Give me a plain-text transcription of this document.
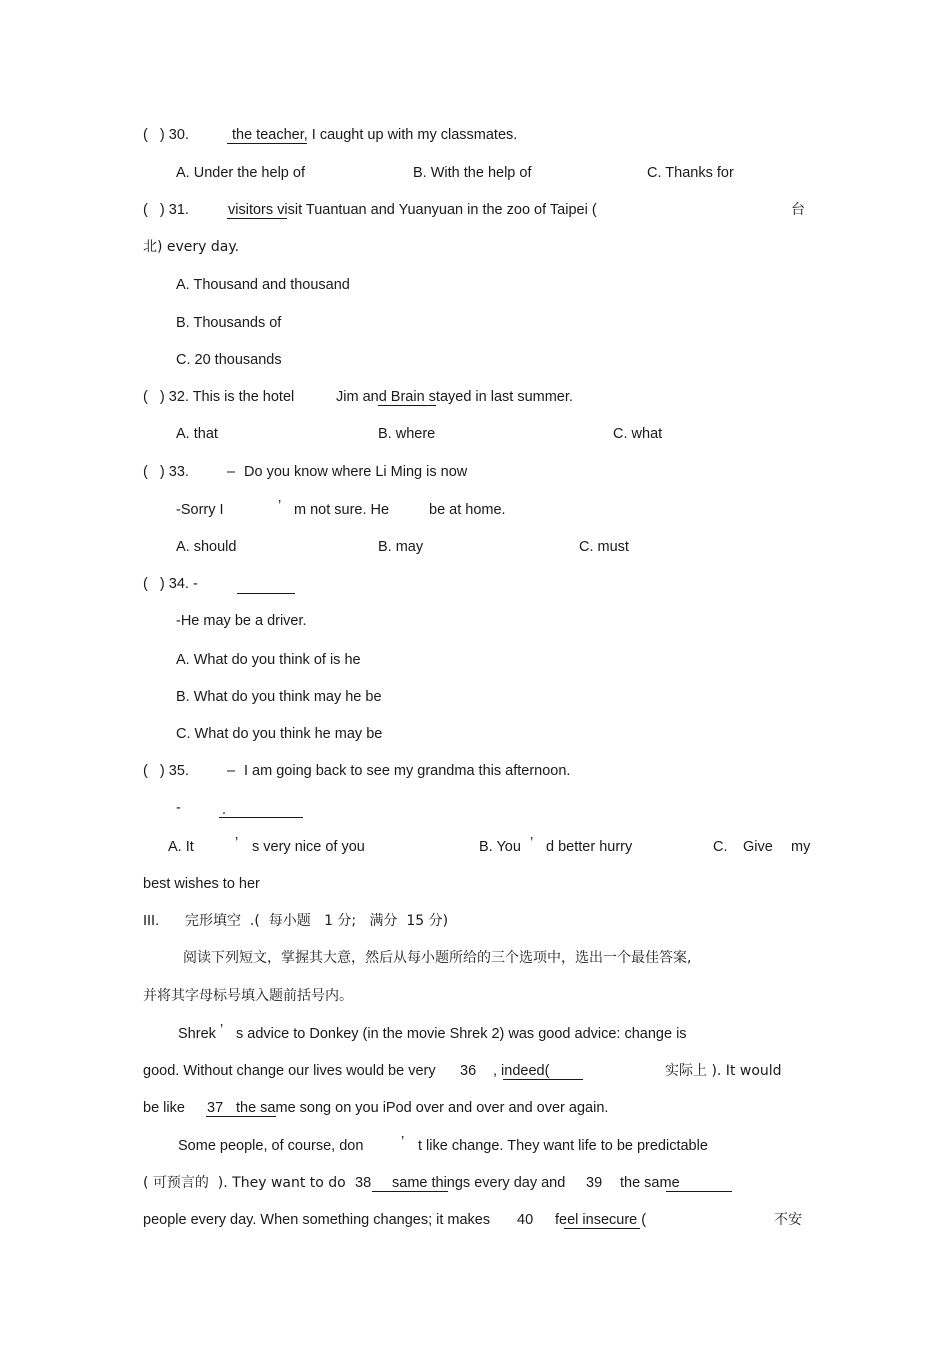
(   ) 30.	the teacher, I caught up with my classmates.
A. Under the help of	B. With the help of	C. Thanks for
(   ) 31.	visitors visit Tuantuan and Yuanyuan in the zoo of Taipei (	台
北) every day.
A. Thousand and thousand
B. Thousands of
C. 20 thousands
(   ) 32. This is the hotel	Jim and Brain stayed in last summer.
A. that	B. where	C. what
(   ) 33.	– Do you know where Li Ming is now
-Sorry I	’ m not sure. He	be at home.
A. should	B. may	C. must
(   ) 34. -
-He may be a driver.
A. What do you think of is he
B. What do you think may he be
C. What do you think he may be
(   ) 35.	– I am going back to see my grandma this afternoon.
-	.
A. It	’ s very nice of you	B. You ’ d better hurry	C. Give my
best wishes to her
III. 完形填空  .(  每小题   1 分;   满分  15 分)
阅读下列短文，掌握其大意，然后从每小题所给的三个选项中，选出一个最佳答案,
并将其字母标号填入题前括号内。
Shrek ’ s advice to Donkey (in the movie Shrek 2) was good advice: change is
good. Without change our lives would be very 36 , indeed(	实际上 ). It would
be like 37 the same song on you iPod over and over and over again.
Some people, of course, don	’ t like change. They want life to be predictable
( 可预言的  ). They want to do 38 same things every day and 39 the same
people every day. When something changes; it makes 40 feel insecure (	不安
